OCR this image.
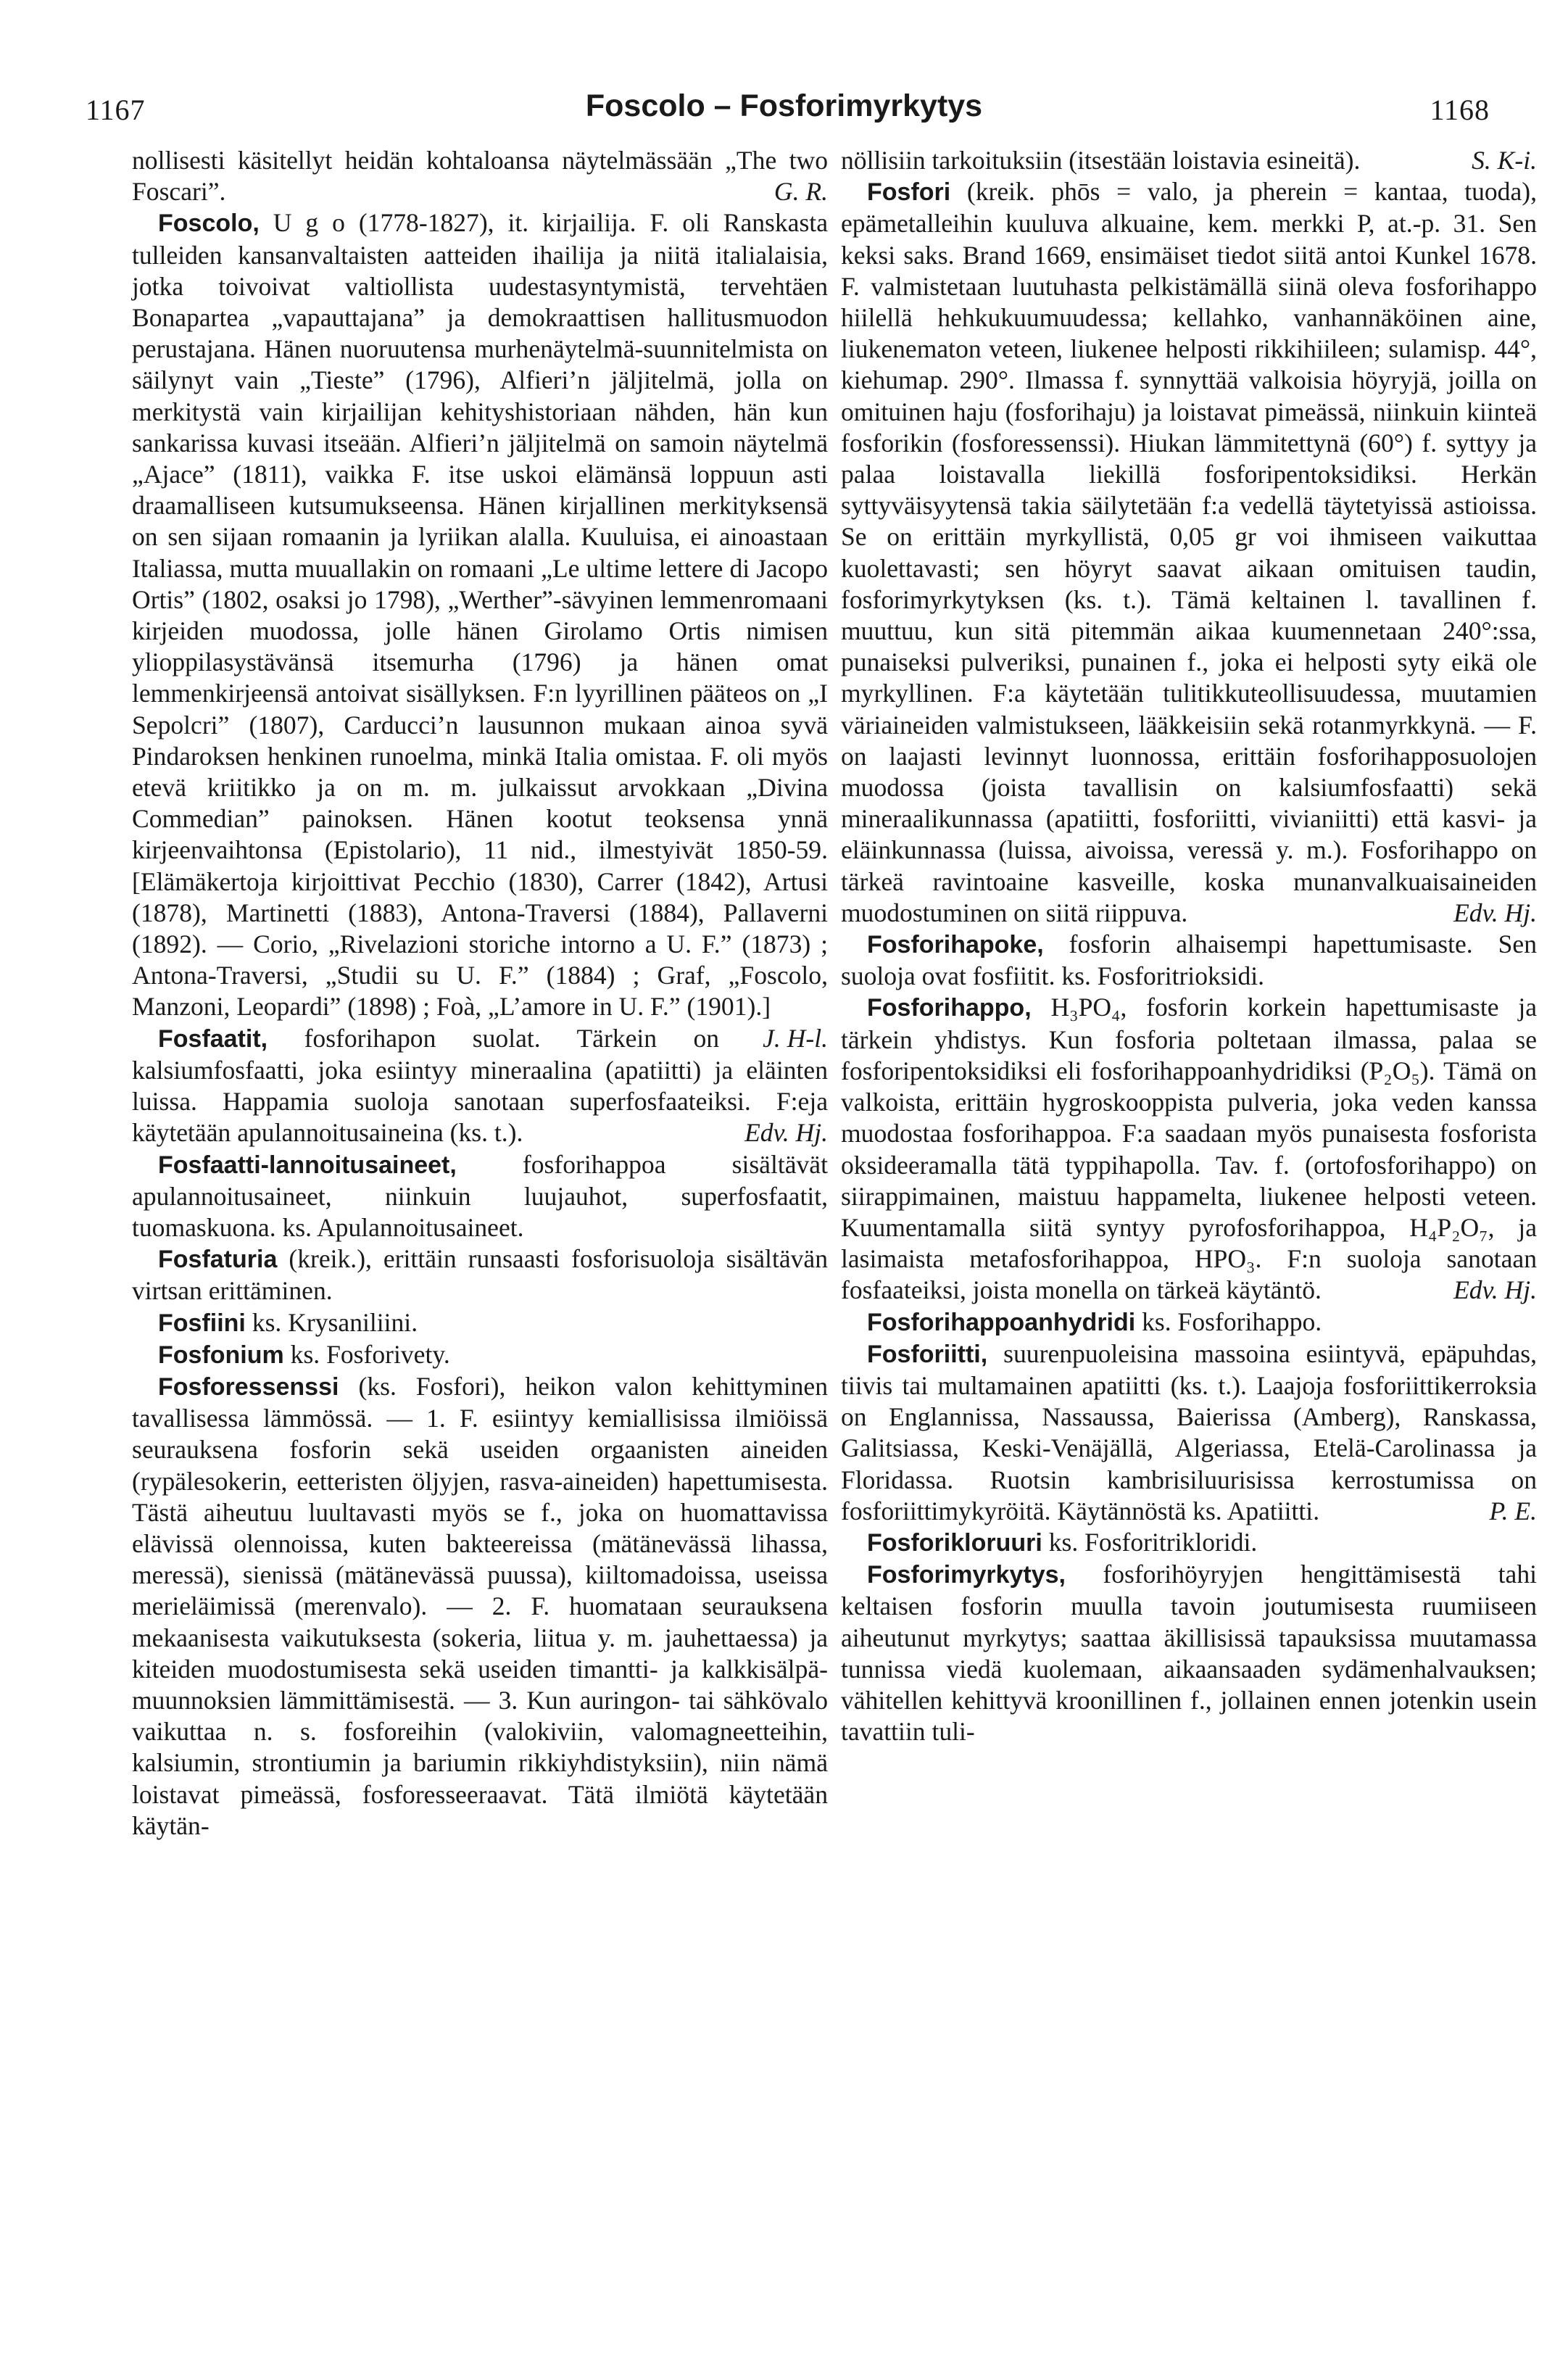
1167	Foscolo – Fosforimyrkytys	1168

nollisesti käsitellyt heidän kohtaloansa näytelmässään „The two Foscari”.	G. R.

Foscolo, U g o (1778-1827), it. kirjailija. F. oli Ranskasta tulleiden kansanvaltaisten aatteiden ihailija ja niitä italialaisia, jotka toivoivat valtiollista uudestasyntymistä, tervehtäen Bonapartea „vapauttajana” ja demokraattisen hallitusmuodon perustajana. Hänen nuoruutensa murhenäytelmä-suunnitelmista on säilynyt vain „Tieste” (1796), Alfieri’n jäljitelmä, jolla on merkitystä vain kirjailijan kehityshistoriaan nähden, hän kun sankarissa kuvasi itseään. Alfieri’n jäljitelmä on samoin näytelmä „Ajace” (1811), vaikka F. itse uskoi elämänsä loppuun asti draamalliseen kutsumukseensa. Hänen kirjallinen merkityksensä on sen sijaan romaanin ja lyriikan alalla. Kuuluisa, ei ainoastaan Italiassa, mutta muuallakin on romaani „Le ultime lettere di Jacopo Ortis” (1802, osaksi jo 1798), „Werther”-sävyinen lemmenromaani kirjeiden muodossa, jolle hänen Girolamo Ortis nimisen ylioppilasystävänsä itsemurha (1796) ja hänen omat lemmenkirjeensä antoivat sisällyksen. F:n lyyrillinen pääteos on „I Sepolcri” (1807), Carducci’n lausunnon mukaan ainoa syvä Pindaroksen henkinen runoelma, minkä Italia omistaa. F. oli myös etevä kriitikko ja on m. m. julkaissut arvokkaan „Divina Commedian” painoksen. Hänen kootut teoksensa ynnä kirjeenvaihtonsa (Epistolario), 11 nid., ilmestyivät 1850-59. [Elämäkertoja kirjoittivat Pecchio (1830), Carrer (1842), Artusi (1878), Martinetti (1883), Antona-Traversi (1884), Pallaverni (1892). — Corio, „Rivelazioni storiche intorno a U. F.” (1873) ; Antona-Traversi, „Studii su U. F.” (1884) ; Graf, „Foscolo, Manzoni, Leopardi” (1898) ; Foà, „L’amore in U. F.” (1901).]
J. H-l.

Fosfaatit, fosforihapon suolat. Tärkein on kalsiumfosfaatti, joka esiintyy mineraalina (apatiitti) ja eläinten luissa. Happamia suoloja sanotaan superfosfaateiksi. F:eja käytetään apulannoitusaineina (ks. t.).	Edv. Hj.

Fosfaatti-lannoitusaineet,	fosforihappoa sisältävät apulannoitusaineet, niinkuin luujauhot, superfosfaatit, tuomaskuona. ks. Apulannoitusaineet.

Fosfaturia (kreik.), erittäin runsaasti fosforisuoloja sisältävän virtsan erittäminen.

Fosfiini ks. Krysaniliini.

Fosfonium ks. Fosforivety.

Fosforessenssi (ks. Fosfori), heikon valon kehittyminen tavallisessa lämmössä. — 1. F. esiintyy kemiallisissa ilmiöissä seurauksena fosforin sekä useiden orgaanisten aineiden (rypälesokerin, eetteristen öljyjen, rasva-aineiden) hapettumisesta. Tästä aiheutuu luultavasti myös se f., joka on huomattavissa elävissä olennoissa, kuten bakteereissa (mätänevässä lihassa, meressä), sienissä (mätänevässä puussa), kiiltomadoissa, useissa merieläimissä (merenvalo). — 2. F. huomataan seurauksena mekaanisesta vaikutuksesta (sokeria, liitua y. m. jauhettaessa) ja kiteiden muodostumisesta sekä useiden timantti- ja kalkkisälpä-muunnoksien lämmittämisestä. — 3. Kun auringon- tai sähkövalo vaikuttaa n. s. fosforeihin (valokiviin, valomagneetteihin, kalsiumin, strontiumin ja bariumin rikkiyhdistyksiin), niin nämä loistavat pimeässä, fosforesseeraavat. Tätä ilmiötä käytetään käytän-

nöllisiin tarkoituksiin (itsestään loistavia esineitä).	S. K-i.

Fosfori (kreik. phōs = valo, ja pherein = kantaa, tuoda), epämetalleihin kuuluva alkuaine, kem. merkki P, at.-p. 31. Sen keksi saks. Brand 1669, ensimäiset tiedot siitä antoi Kunkel 1678. F. valmistetaan luutuhasta pelkistämällä siinä oleva fosforihappo hiilellä hehkukuumuudessa; kellahko, vanhannäköinen aine, liukenematon veteen, liukenee helposti rikkihiileen; sulamisp. 44°, kiehumap. 290°. Ilmassa f. synnyttää valkoisia höyryjä, joilla on omituinen haju (fosforihaju) ja loistavat pimeässä, niinkuin kiinteä fosforikin (fosforessenssi). Hiukan lämmitettynä (60°) f. syttyy ja palaa loistavalla liekillä fosforipentoksidiksi. Herkän syttyväisyytensä takia säilytetään f:a vedellä täytetyissä astioissa. Se on erittäin myrkyllistä, 0,05 gr voi ihmiseen vaikuttaa kuolettavasti; sen höyryt saavat aikaan omituisen taudin, fosforimyrkytyksen (ks. t.). Tämä keltainen l. tavallinen f. muuttuu, kun sitä pitemmän aikaa kuumennetaan 240°:ssa, punaiseksi pulveriksi, punainen f., joka ei helposti syty eikä ole myrkyllinen. F:a käytetään tulitikkuteollisuudessa, muutamien väriaineiden valmistukseen, lääkkeisiin sekä rotanmyrkkynä. — F. on laajasti levinnyt luonnossa, erittäin fosforihapposuolojen muodossa (joista tavallisin on kalsiumfosfaatti) sekä mineraalikunnassa (apatiitti, fosforiitti, vivianiitti) että kasvi- ja eläinkunnassa (luissa, aivoissa, veressä y. m.). Fosforihappo on tärkeä ravintoaine kasveille, koska munanvalkuaisaineiden muodostuminen on siitä riippuva.	Edv. Hj.

Fosforihapoke, fosforin alhaisempi hapettumisaste. Sen suoloja ovat fosfiitit. ks. Fosforitrioksidi.

Fosforihappo, H₃PO₄, fosforin korkein hapettumisaste ja tärkein yhdistys. Kun fosforia poltetaan ilmassa, palaa se fosforipentoksidiksi eli fosforihappoanhydridiksi (P₂O₅). Tämä on valkoista, erittäin hygroskooppista pulveria, joka veden kanssa muodostaa fosforihappoa. F:a saadaan myös punaisesta fosforista oksideeramalla tätä typpihapolla. Tav. f. (ortofosforihappo) on siirappimainen, maistuu happamelta, liukenee helposti veteen. Kuumentamalla siitä syntyy pyrofosforihappoa, H₄P₂O₇, ja lasimaista metafosforihappoa, HPO₃. F:n suoloja sanotaan fosfaateiksi, joista monella on tärkeä käytäntö.	Edv. Hj.

Fosforihappoanhydridi ks. Fosforihappo.

Fosforiitti, suurenpuoleisina massoina esiintyvä, epäpuhdas, tiivis tai multamainen apatiitti (ks. t.). Laajoja fosforiittikerroksia on Englannissa, Nassaussa, Baierissa (Amberg), Ranskassa, Galitsiassa, Keski-Venäjällä, Algeriassa, Etelä-Carolinassa ja Floridassa. Ruotsin kambrisiluurisissa kerrostumissa on fosforiittimykyröitä. Käytännöstä ks. Apatiitti.	P. E.

Fosforikloruuri ks. Fosforitrikloridi.

Fosforimyrkytys, fosforihöyryjen hengittämisestä tahi keltaisen fosforin muulla tavoin joutumisesta ruumiiseen aiheutunut myrkytys; saattaa äkillisissä tapauksissa muutamassa tunnissa viedä kuolemaan, aikaansaaden sydämenhalvauksen; vähitellen kehittyvä kroonillinen f., jollainen ennen jotenkin usein tavattiin tuli-
